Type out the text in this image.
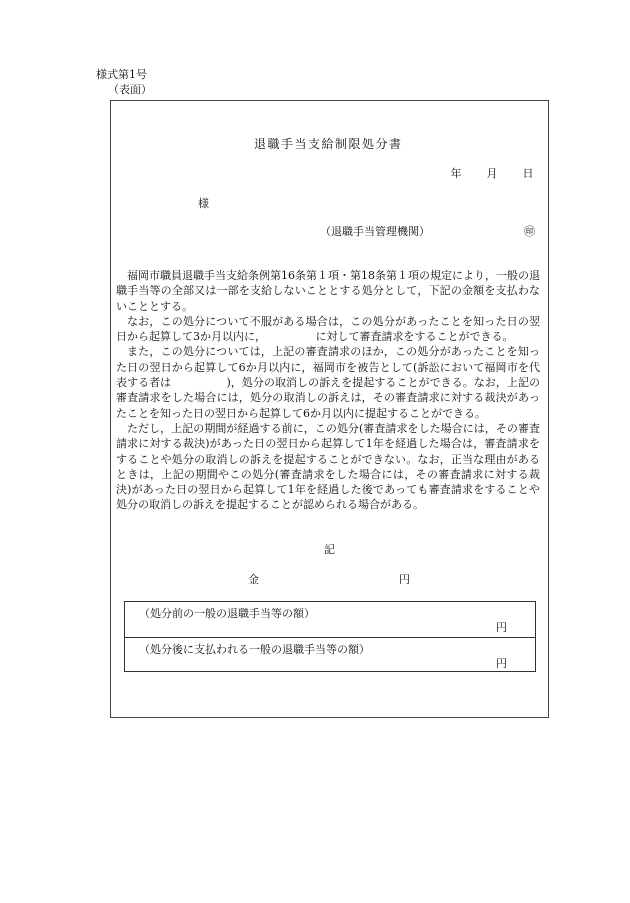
様式第1号
（表面）
退職手当支給制限処分書
年 月 日
様
（退職手当管理機関）	㊞

福岡市職員退職手当支給条例第16条第１項・第18条第１項の規定により，一般の退職手当等の全部又は一部を支給しないこととする処分として，下記の金額を支払わないこととする。

なお，この処分について不服がある場合は，この処分があったことを知った日の翌日から起算して3か月以内に，　　　　　に対して審査請求をすることができる。

また，この処分については，上記の審査請求のほか，この処分があったことを知った日の翌日から起算して6か月以内に，福岡市を被告として(訴訟において福岡市を代表する者は　　　　　)，処分の取消しの訴えを提起することができる。なお，上記の審査請求をした場合には，処分の取消しの訴えは，その審査請求に対する裁決があったことを知った日の翌日から起算して6か月以内に提起することができる。

ただし，上記の期間が経過する前に，この処分(審査請求をした場合には，その審査請求に対する裁決)があった日の翌日から起算して1年を経過した場合は，審査請求をすることや処分の取消しの訴えを提起することができない。なお，正当な理由があるときは，上記の期間やこの処分(審査請求をした場合には，その審査請求に対する裁決)があった日の翌日から起算して1年を経過した後であっても審査請求をすることや処分の取消しの訴えを提起することが認められる場合がある。

記
金	円
（処分前の一般の退職手当等の額）
円
（処分後に支払われる一般の退職手当等の額）
円
